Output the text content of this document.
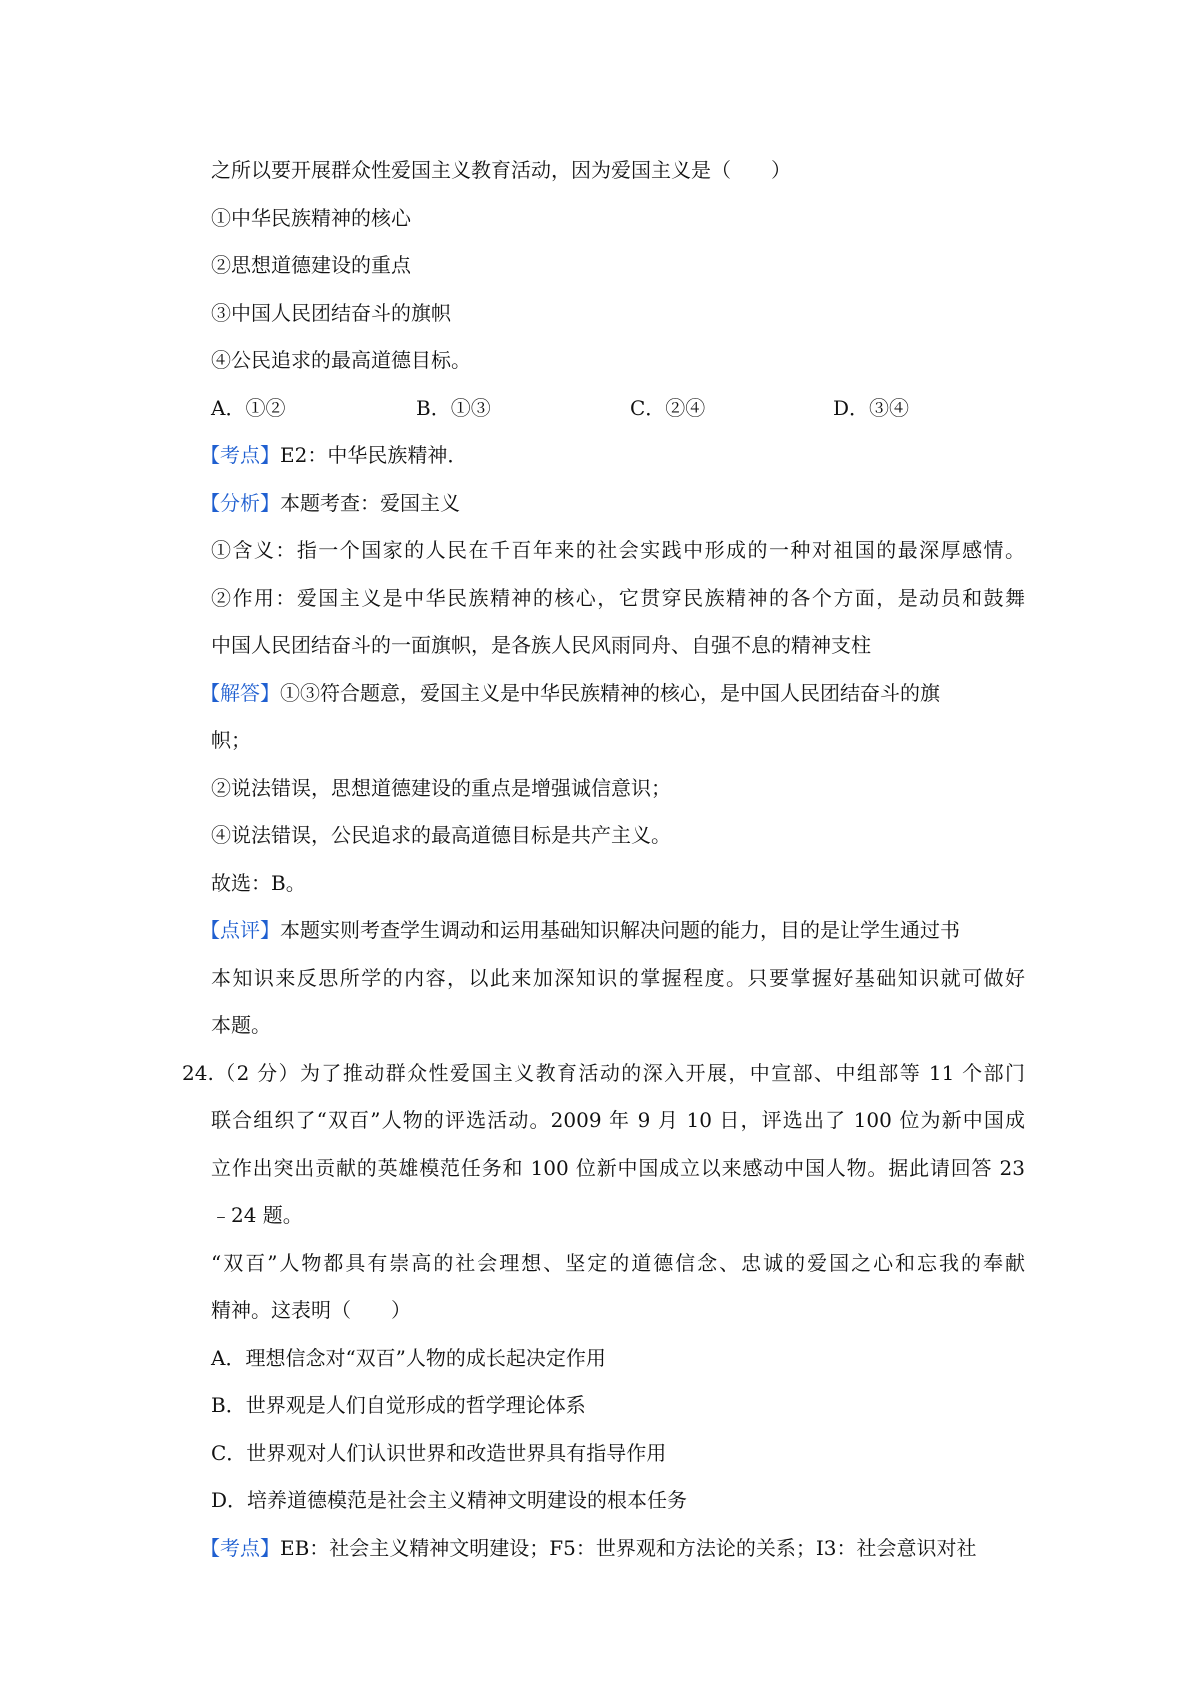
之所以要开展群众性爱国主义教育活动，因为爱国主义是（　　）
①中华民族精神的核心
②思想道德建设的重点
③中国人民团结奋斗的旗帜
④公民追求的最高道德目标。
A．①②	B．①③	C．②④	D．③④
【考点】E2：中华民族精神．
【分析】本题考查：爱国主义
①含义：指一个国家的人民在千百年来的社会实践中形成的一种对祖国的最深厚感情。
②作用：爱国主义是中华民族精神的核心，它贯穿民族精神的各个方面，是动员和鼓舞
中国人民团结奋斗的一面旗帜，是各族人民风雨同舟、自强不息的精神支柱
【解答】①③符合题意，爱国主义是中华民族精神的核心，是中国人民团结奋斗的旗
帜；
②说法错误，思想道德建设的重点是增强诚信意识；
④说法错误，公民追求的最高道德目标是共产主义。
故选：B。
【点评】本题实则考查学生调动和运用基础知识解决问题的能力，目的是让学生通过书
本知识来反思所学的内容，以此来加深知识的掌握程度。只要掌握好基础知识就可做好
本题。
24.（2 分）为了推动群众性爱国主义教育活动的深入开展，中宣部、中组部等 11 个部门
联合组织了“双百”人物的评选活动。2009 年 9 月 10 日，评选出了 100 位为新中国成
立作出突出贡献的英雄模范任务和 100 位新中国成立以来感动中国人物。据此请回答 23
﹣24 题。
“双百”人物都具有崇高的社会理想、坚定的道德信念、忠诚的爱国之心和忘我的奉献
精神。这表明（　　）
A．理想信念对“双百”人物的成长起决定作用
B．世界观是人们自觉形成的哲学理论体系
C．世界观对人们认识世界和改造世界具有指导作用
D．培养道德模范是社会主义精神文明建设的根本任务
【考点】EB：社会主义精神文明建设；F5：世界观和方法论的关系；I3：社会意识对社
